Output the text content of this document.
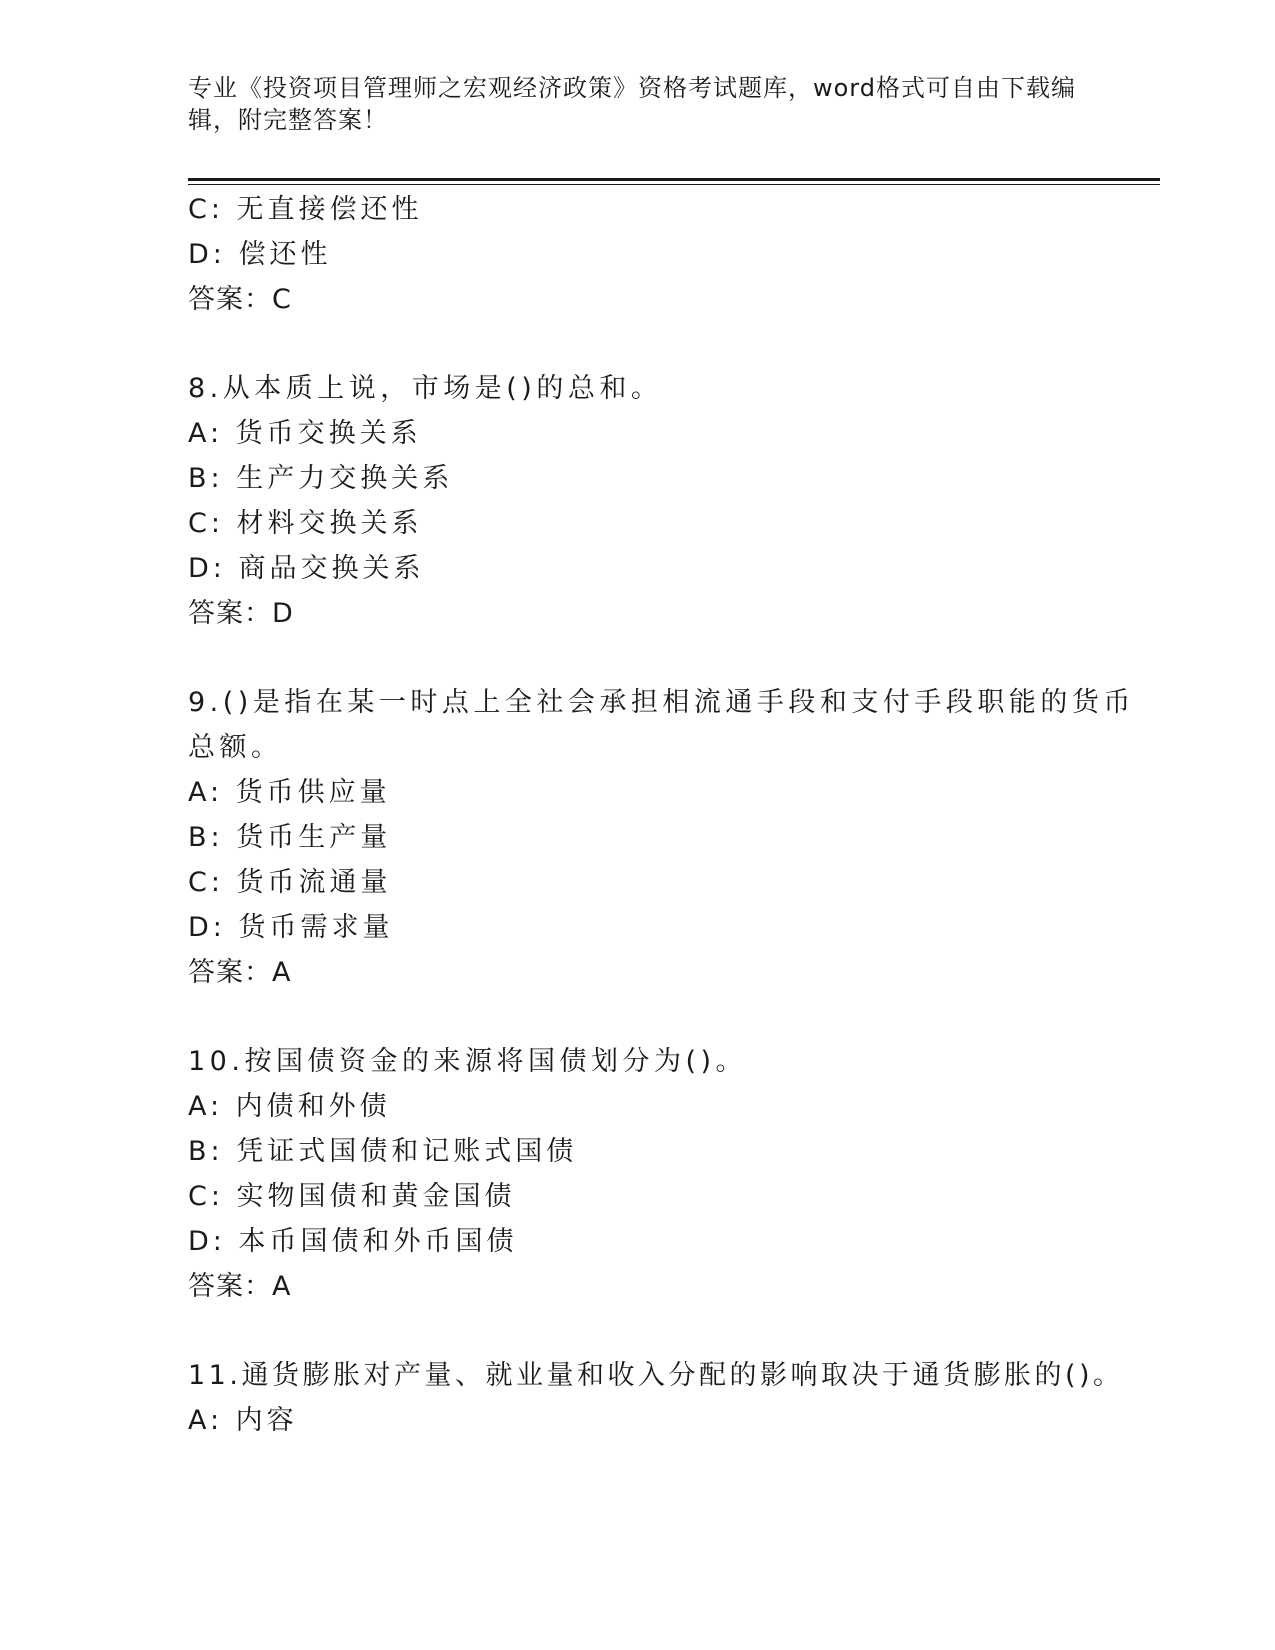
专业《投资项目管理师之宏观经济政策》资格考试题库，word格式可自由下载编辑，附完整答案！
C: 无直接偿还性
D: 偿还性
答案：C
8.从本质上说，市场是()的总和。
A: 货币交换关系
B: 生产力交换关系
C: 材料交换关系
D: 商品交换关系
答案：D
9.()是指在某一时点上全社会承担相流通手段和支付手段职能的货币
总额。
A: 货币供应量
B: 货币生产量
C: 货币流通量
D: 货币需求量
答案：A
10.按国债资金的来源将国债划分为()。
A: 内债和外债
B: 凭证式国债和记账式国债
C: 实物国债和黄金国债
D: 本币国债和外币国债
答案：A
11.通货膨胀对产量、就业量和收入分配的影响取决于通货膨胀的()。
A: 内容
